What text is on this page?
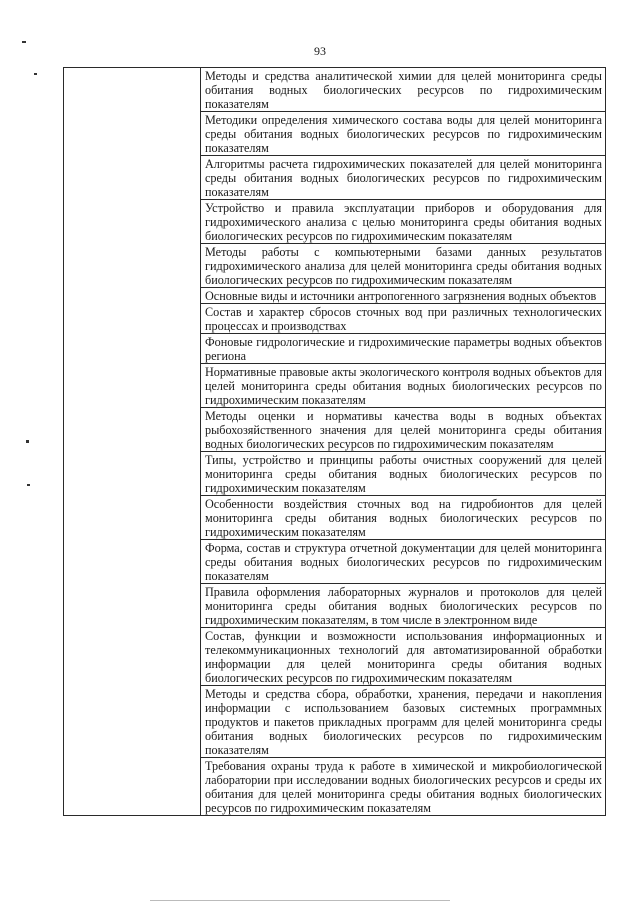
93
	Методы и средства аналитической химии для целей мониторинга среды обитания водных биологических ресурсов по гидрохимическим показателям
Методики определения химического состава воды для целей мониторинга среды обитания водных биологических ресурсов по гидрохимическим показателям
Алгоритмы расчета гидрохимических показателей для целей мониторинга среды обитания водных биологических ресурсов по гидрохимическим показателям
Устройство и правила эксплуатации приборов и оборудования для гидрохимического анализа с целью мониторинга среды обитания водных биологических ресурсов по гидрохимическим показателям
Методы работы с компьютерными базами данных результатов гидрохимического анализа для целей мониторинга среды обитания водных биологических ресурсов по гидрохимическим показателям
Основные виды и источники антропогенного загрязнения водных объектов
Состав и характер сбросов сточных вод при различных технологических процессах и производствах
Фоновые гидрологические и гидрохимические параметры водных объектов региона
Нормативные правовые акты экологического контроля водных объектов для целей мониторинга среды обитания водных биологических ресурсов по гидрохимическим показателям
Методы оценки и нормативы качества воды в водных объектах рыбохозяйственного значения для целей мониторинга среды обитания водных биологических ресурсов по гидрохимическим показателям
Типы, устройство и принципы работы очистных сооружений для целей мониторинга среды обитания водных биологических ресурсов по гидрохимическим показателям
Особенности воздействия сточных вод на гидробионтов для целей мониторинга среды обитания водных биологических ресурсов по гидрохимическим показателям
Форма, состав и структура отчетной документации для целей мониторинга среды обитания водных биологических ресурсов по гидрохимическим показателям
Правила оформления лабораторных журналов и протоколов для целей мониторинга среды обитания водных биологических ресурсов по гидрохимическим показателям, в том числе в электронном виде
Состав, функции и возможности использования информационных и телекоммуникационных технологий для автоматизированной обработки информации для целей мониторинга среды обитания водных биологических ресурсов по гидрохимическим показателям
Методы и средства сбора, обработки, хранения, передачи и накопления информации с использованием базовых системных программных продуктов и пакетов прикладных программ для целей мониторинга среды обитания водных биологических ресурсов по гидрохимическим показателям
Требования охраны труда к работе в химической и микробиологической лаборатории при исследовании водных биологических ресурсов и среды их обитания для целей мониторинга среды обитания водных биологических ресурсов по гидрохимическим показателям
